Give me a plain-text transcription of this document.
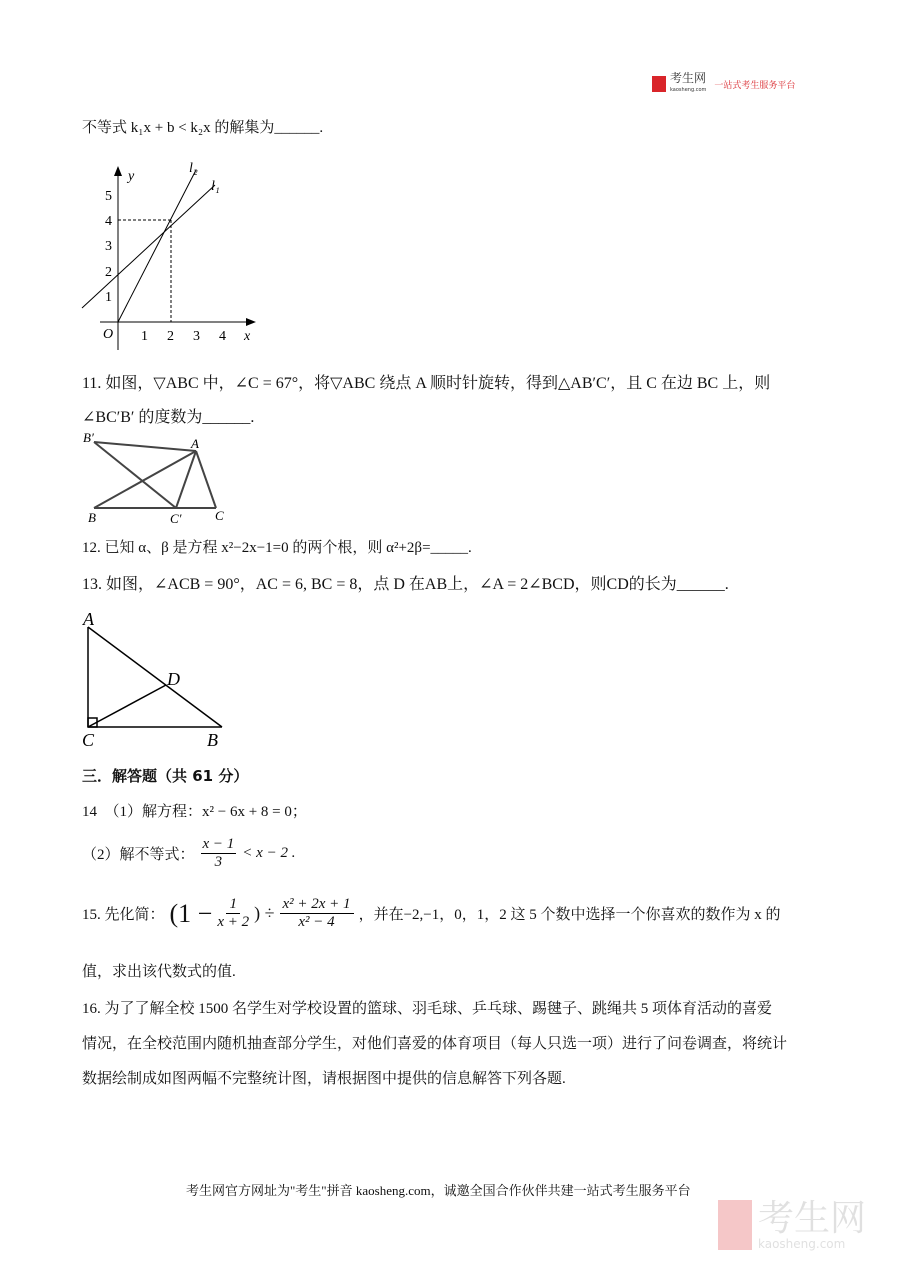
考生网
kaosheng.com 一站式考生服务平台
不等式 k₁x + b < k₂x 的解集为______.
y
x
O 1 2 3 4
1
2
3
4
5
l₂
l₁
11. 如图，▽ABC 中，∠C = 67°，将▽ABC 绕点 A 顺时针旋转，得到△AB′C′，且 C 在边 BC 上，则
∠BC′B′ 的度数为______.
B′	A
B	C′	C
12. 已知 α、β 是方程 x²−2x−1=0 的两个根，则 α²+2β=_____.
13. 如图，∠ACB = 90°，AC = 6, BC = 8，点 D 在AB上，∠A = 2∠BCD，则CD的长为______.
A
C	B
D
三．解答题（共 61 分）
14　（1）解方程：x² − 6x + 8 = 0；
（2）解不等式：
x − 1
3
< x − 2 .
15. 先化简： ($1 - \frac{1}{x + 2}$ ) ÷ $\frac{\text{x² + 2x + 1}}{\text{x² − 4}}$ ，并在−2,−1，0，1，2 这 5 个数中选择一个你喜欢的数作为 x 的
值，求出该代数式的值.
16. 为了了解全校 1500 名学生对学校设置的篮球、羽毛球、乒乓球、踢毽子、跳绳共 5 项体育活动的喜爱
情况，在全校范围内随机抽查部分学生，对他们喜爱的体育项目（每人只选一项）进行了问卷调查，将统计
数据绘制成如图两幅不完整统计图，请根据图中提供的信息解答下列各题.
考生网官方网址为"考生"拼音 kaosheng.com，诚邀全国合作伙伴共建一站式考生服务平台
考生网
kaosheng.com
